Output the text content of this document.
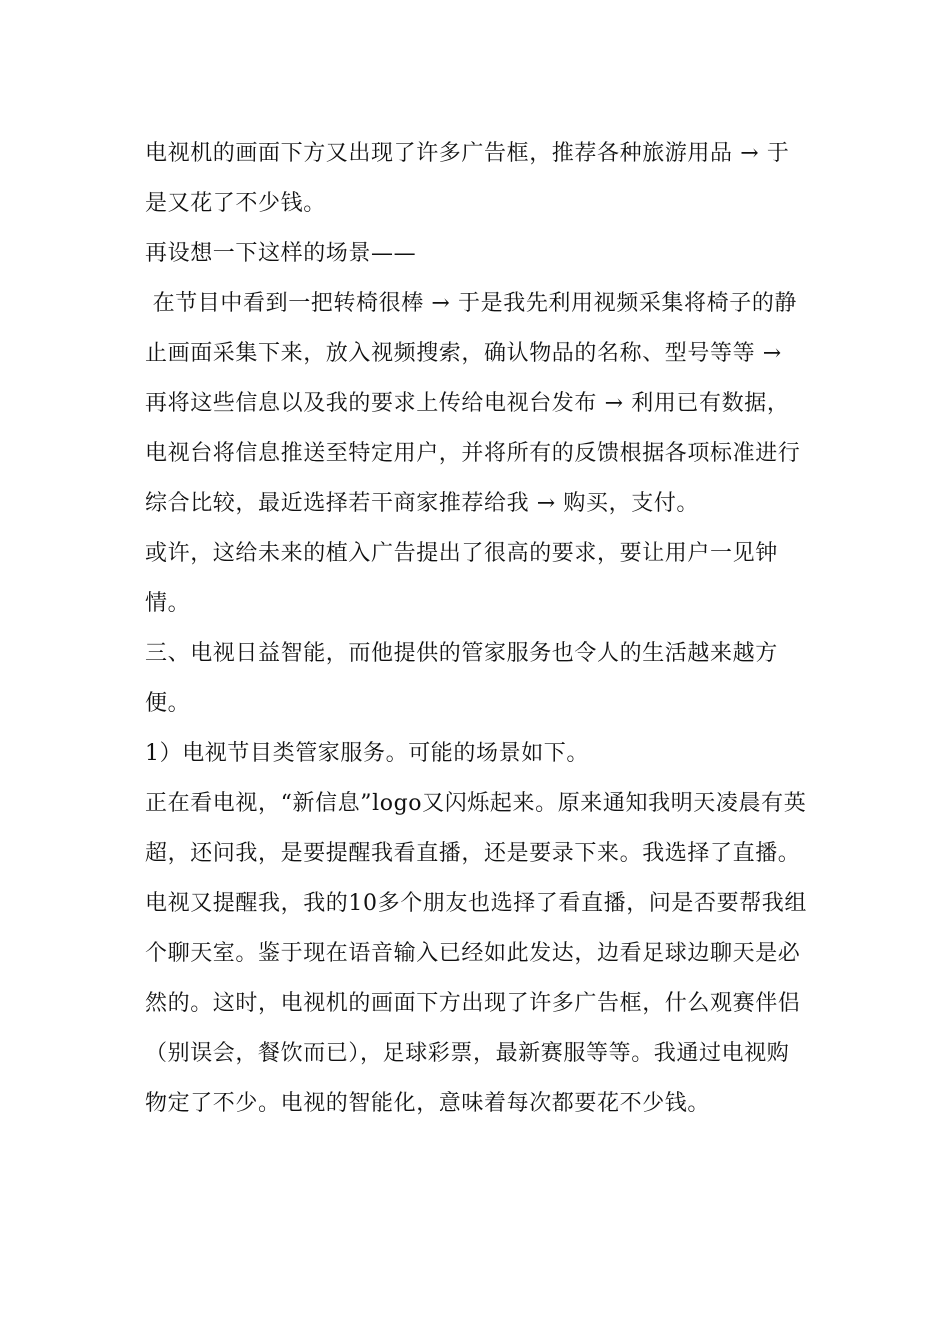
电视机的画面下方又出现了许多广告框，推荐各种旅游用品 → 于是又花了不少钱。

再设想一下这样的场景——

在节目中看到一把转椅很棒 → 于是我先利用视频采集将椅子的静止画面采集下来，放入视频搜索，确认物品的名称、型号等等 → 再将这些信息以及我的要求上传给电视台发布 → 利用已有数据，电视台将信息推送至特定用户，并将所有的反馈根据各项标准进行综合比较，最近选择若干商家推荐给我 → 购买，支付。

或许，这给未来的植入广告提出了很高的要求，要让用户一见钟情。

三、电视日益智能，而他提供的管家服务也令人的生活越来越方便。

1）电视节目类管家服务。可能的场景如下。

正在看电视，“新信息”logo又闪烁起来。原来通知我明天凌晨有英超，还问我，是要提醒我看直播，还是要录下来。我选择了直播。电视又提醒我，我的10多个朋友也选择了看直播，问是否要帮我组个聊天室。鉴于现在语音输入已经如此发达，边看足球边聊天是必然的。这时，电视机的画面下方出现了许多广告框，什么观赛伴侣（别误会，餐饮而已），足球彩票，最新赛服等等。我通过电视购物定了不少。电视的智能化，意味着每次都要花不少钱。
